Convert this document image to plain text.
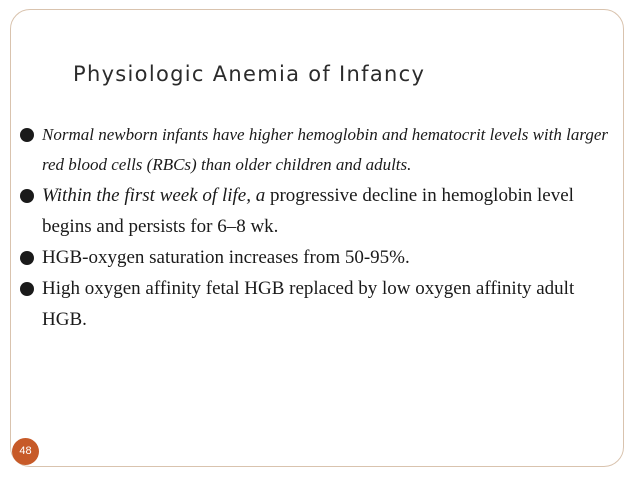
Physiologic Anemia of Infancy
Normal newborn infants have higher hemoglobin and hematocrit levels with larger red blood cells (RBCs) than older children and adults.
Within the first week of life, a progressive decline in hemoglobin level begins and persists for 6–8 wk.
HGB-oxygen saturation increases from 50-95%.
High oxygen affinity fetal HGB replaced by low oxygen affinity adult HGB.
48
